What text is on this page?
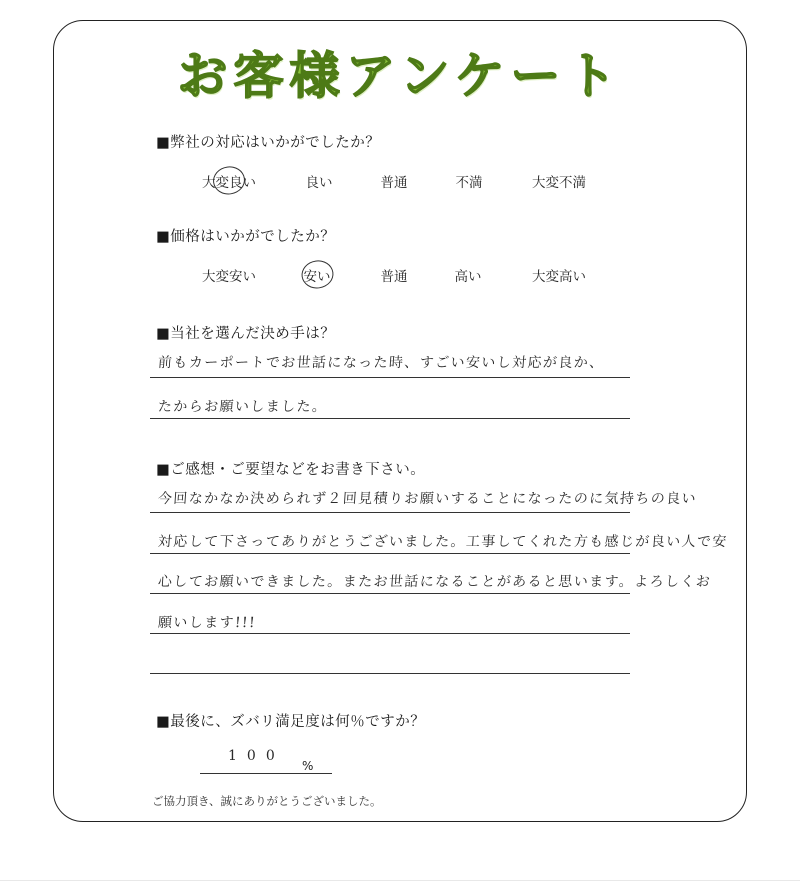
お客様アンケート
■弊社の対応はいかがでしたか？
大変良い	良い	普通	不満	大変不満
■価格はいかがでしたか？
大変安い	安い	普通	高い	大変高い
■当社を選んだ決め手は？
前もカーポートでお世話になった時、すごい安いし対応が良か、
たからお願いしました。
■ご感想・ご要望などをお書き下さい。
今回なかなか決められず２回見積りお願いすることになったのに気持ちの良い
対応して下さってありがとうございました。工事してくれた方も感じが良い人で安
心してお願いできました。またお世話になることがあると思います。よろしくお
願いします!!!
■最後に、ズバリ満足度は何％ですか？
100
%
ご協力頂き、誠にありがとうございました。
